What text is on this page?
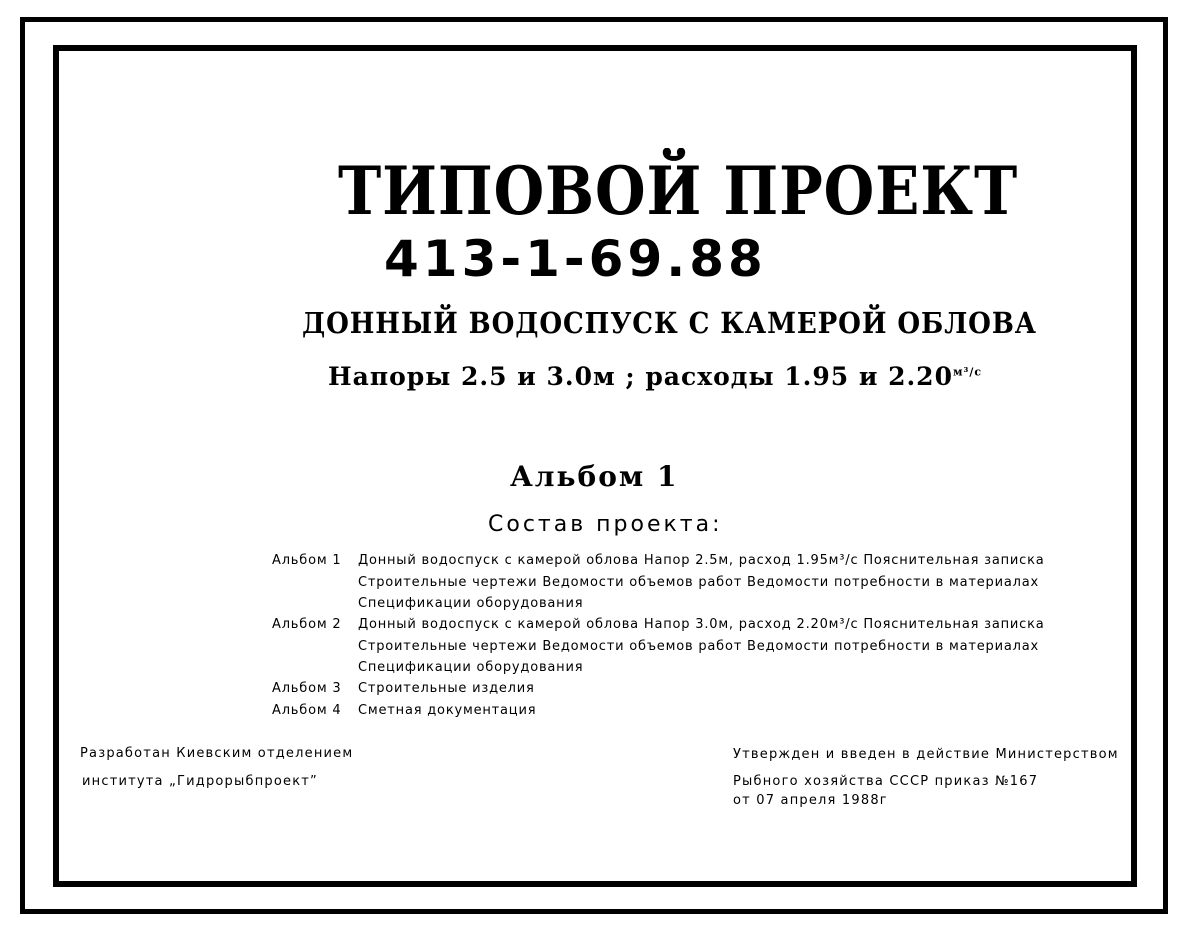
ТИПОВОЙ ПРОЕКТ
413-1-69.88
ДОННЫЙ ВОДОСПУСК С КАМЕРОЙ ОБЛОВА
Напоры 2.5 и 3.0м ; расходы 1.95 и $2.20^{м^3/с}$
Альбом 1
Состав проекта:
Альбом 1 Донный водоспуск с камерой облова Напор 2.5м, расход 1.95м³/с Пояснительная записка
Строительные чертежи Ведомости объемов работ Ведомости потребности в материалах
Спецификации оборудования
Альбом 2 Донный водоспуск с камерой облова Напор 3.0м, расход 2.20м³/с Пояснительная записка
Строительные чертежи Ведомости объемов работ Ведомости потребности в материалах
Спецификации оборудования
Альбом 3 Строительные изделия
Альбом 4 Сметная документация
Разработан Киевским отделением
института „Гидрорыбпроект”
Утвержден и введен в действие Министерством
Рыбного хозяйства СССР приказ №167
от 07 апреля 1988г
